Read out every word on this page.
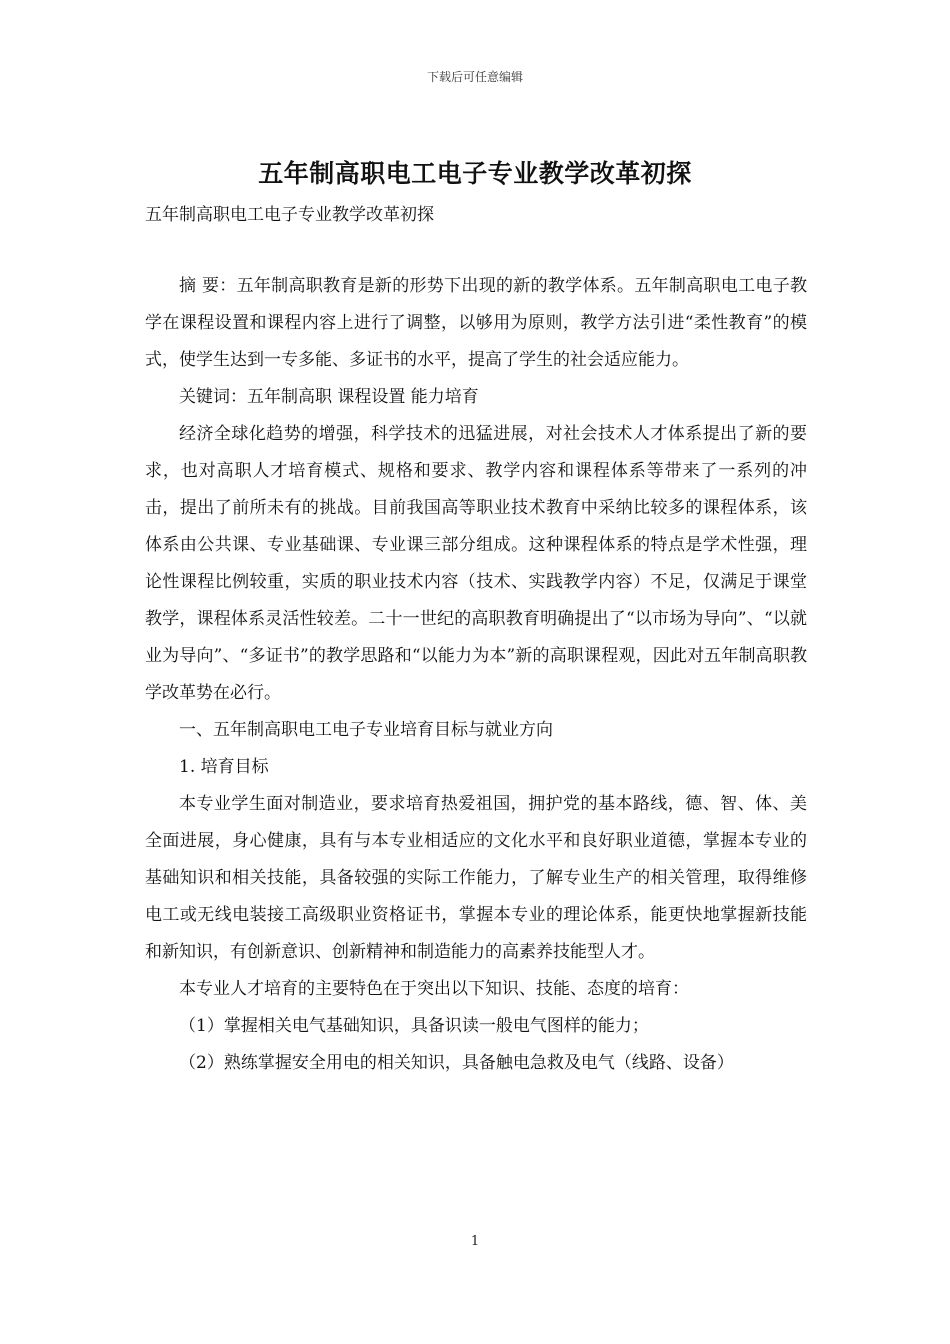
下载后可任意编辑
五年制高职电工电子专业教学改革初探
五年制高职电工电子专业教学改革初探

摘 要：五年制高职教育是新的形势下出现的新的教学体系。五年制高职电工电子教学在课程设置和课程内容上进行了调整，以够用为原则，教学方法引进“柔性教育”的模式，使学生达到一专多能、多证书的水平，提高了学生的社会适应能力。

关键词：五年制高职 课程设置 能力培育

经济全球化趋势的增强，科学技术的迅猛进展，对社会技术人才体系提出了新的要求，也对高职人才培育模式、规格和要求、教学内容和课程体系等带来了一系列的冲击，提出了前所未有的挑战。目前我国高等职业技术教育中采纳比较多的课程体系，该体系由公共课、专业基础课、专业课三部分组成。这种课程体系的特点是学术性强，理论性课程比例较重，实质的职业技术内容（技术、实践教学内容）不足，仅满足于课堂教学，课程体系灵活性较差。二十一世纪的高职教育明确提出了“以市场为导向”、“以就业为导向”、“多证书”的教学思路和“以能力为本”新的高职课程观，因此对五年制高职教学改革势在必行。

一、五年制高职电工电子专业培育目标与就业方向

1. 培育目标

本专业学生面对制造业，要求培育热爱祖国，拥护党的基本路线，德、智、体、美全面进展，身心健康，具有与本专业相适应的文化水平和良好职业道德，掌握本专业的基础知识和相关技能，具备较强的实际工作能力，了解专业生产的相关管理，取得维修电工或无线电装接工高级职业资格证书，掌握本专业的理论体系，能更快地掌握新技能和新知识，有创新意识、创新精神和制造能力的高素养技能型人才。

本专业人才培育的主要特色在于突出以下知识、技能、态度的培育：

（1）掌握相关电气基础知识，具备识读一般电气图样的能力；

（2）熟练掌握安全用电的相关知识，具备触电急救及电气（线路、设备）

1
